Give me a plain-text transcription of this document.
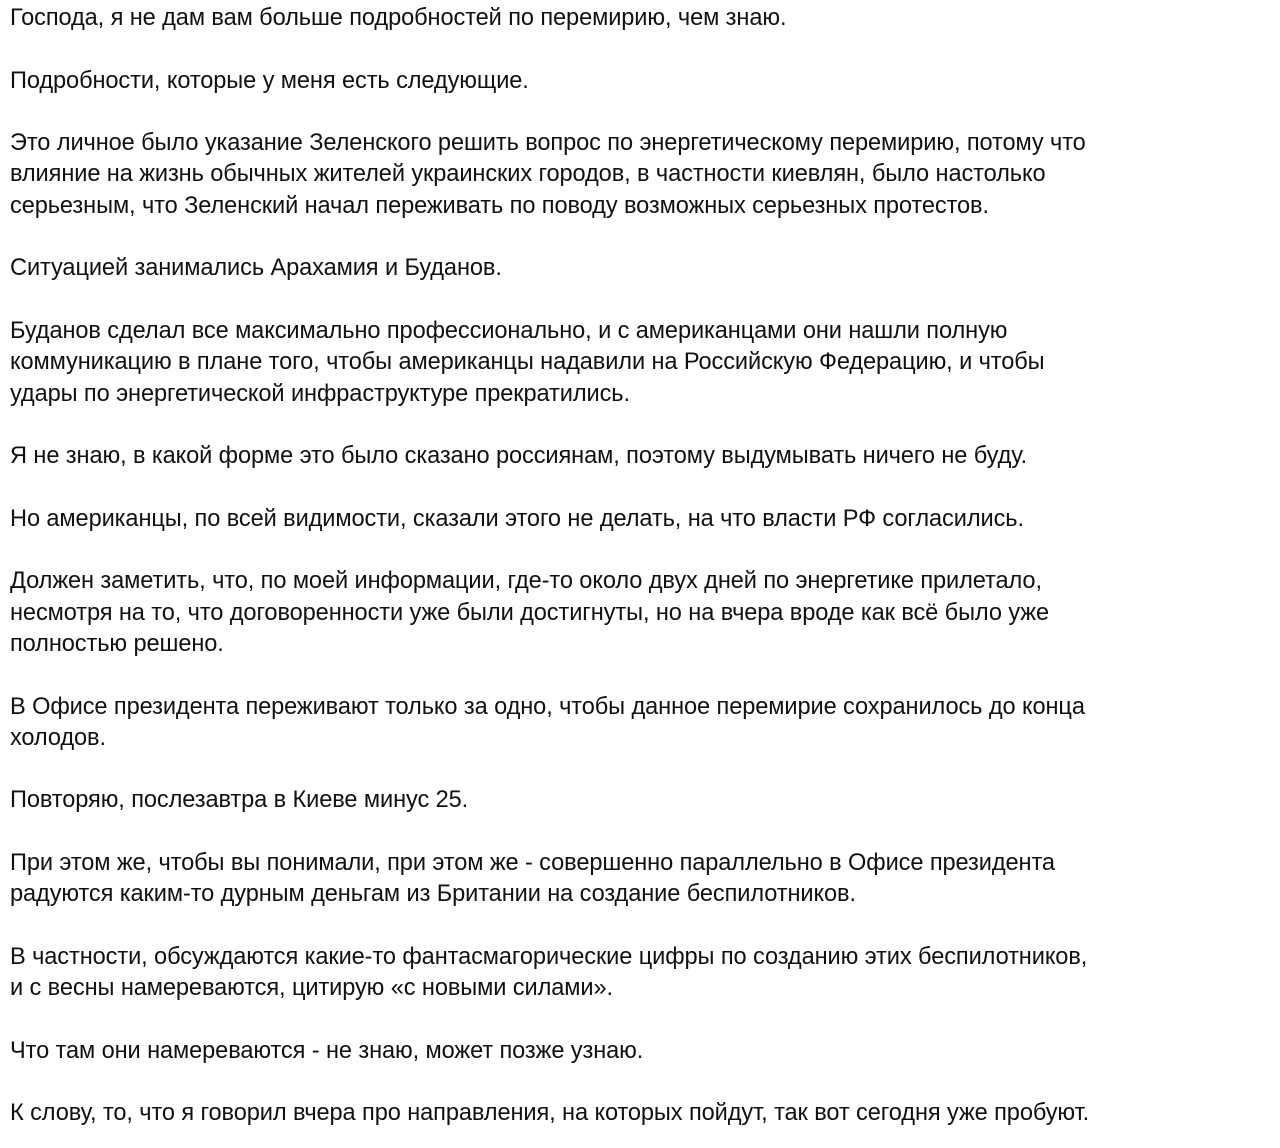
Господа, я не дам вам больше подробностей по перемирию, чем знаю.

Подробности, которые у меня есть следующие.

Это личное было указание Зеленского решить вопрос по энергетическому перемирию, потому что
влияние на жизнь обычных жителей украинских городов, в частности киевлян, было настолько
серьезным, что Зеленский начал переживать по поводу возможных серьезных протестов.

Ситуацией занимались Арахамия и Буданов.

Буданов сделал все максимально профессионально, и с американцами они нашли полную
коммуникацию в плане того, чтобы американцы надавили на Российскую Федерацию, и чтобы
удары по энергетической инфраструктуре прекратились.

Я не знаю, в какой форме это было сказано россиянам, поэтому выдумывать ничего не буду.

Но американцы, по всей видимости, сказали этого не делать, на что власти РФ согласились.

Должен заметить, что, по моей информации, где-то около двух дней по энергетике прилетало,
несмотря на то, что договоренности уже были достигнуты, но на вчера вроде как всё было уже
полностью решено.

В Офисе президента переживают только за одно, чтобы данное перемирие сохранилось до конца
холодов.

Повторяю, послезавтра в Киеве минус 25.

При этом же, чтобы вы понимали, при этом же - совершенно параллельно в Офисе президента
радуются каким-то дурным деньгам из Британии на создание беспилотников.

В частности, обсуждаются какие-то фантасмагорические цифры по созданию этих беспилотников,
и с весны намереваются, цитирую «с новыми силами».

Что там они намереваются - не знаю, может позже узнаю.

К слову, то, что я говорил вчера про направления, на которых пойдут, так вот сегодня уже пробуют.
